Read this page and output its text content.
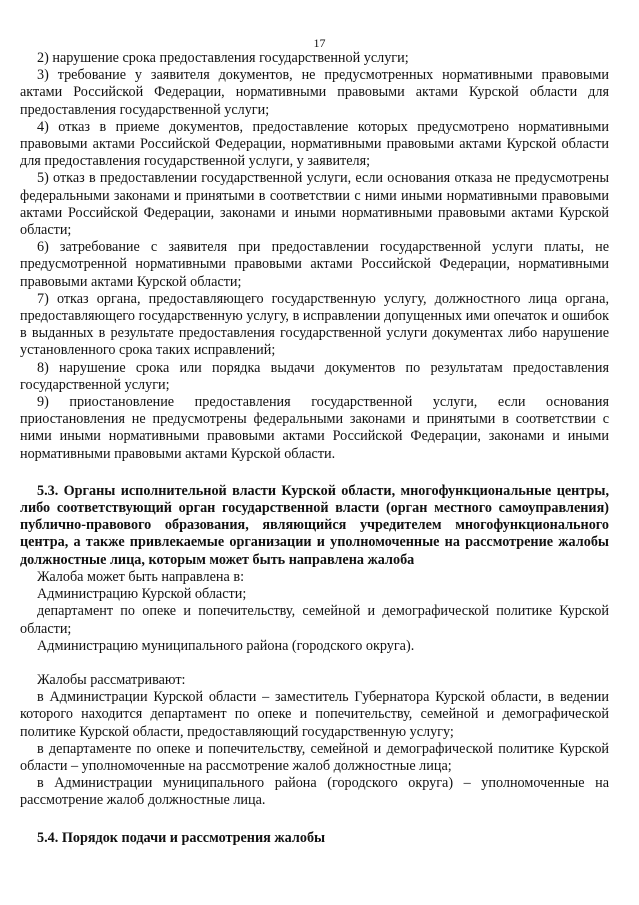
17

2) нарушение срока предоставления государственной услуги;

3) требование у заявителя документов, не предусмотренных нормативными правовыми актами Российской Федерации, нормативными правовыми актами Курской области для предоставления государственной услуги;

4) отказ в приеме документов, предоставление которых предусмотрено нормативными правовыми актами Российской Федерации, нормативными правовыми актами Курской области для предоставления государственной услуги, у заявителя;

5) отказ в предоставлении государственной услуги, если основания отказа не предусмотрены федеральными законами и принятыми в соответствии с ними иными нормативными правовыми актами Российской Федерации, законами и иными нормативными правовыми актами Курской области;

6) затребование с заявителя при предоставлении государственной услуги платы, не предусмотренной нормативными правовыми актами Российской Федерации, нормативными правовыми актами Курской области;

7) отказ органа, предоставляющего государственную услугу, должностного лица органа, предоставляющего государственную услугу, в исправлении допущенных ими опечаток и ошибок в выданных в результате предоставления государственной услуги документах либо нарушение установленного срока таких исправлений;

8) нарушение срока или порядка выдачи документов по результатам предоставления государственной услуги;

9) приостановление предоставления государственной услуги, если основания приостановления не предусмотрены федеральными законами и принятыми в соответствии с ними иными нормативными правовыми актами Российской Федерации, законами и иными нормативными правовыми актами Курской области.

5.3. Органы исполнительной власти Курской области, многофункциональные центры, либо соответствующий орган государственной власти (орган местного самоуправления) публично-правового образования, являющийся учредителем многофункционального центра, а также привлекаемые организации и уполномоченные на рассмотрение жалобы должностные лица, которым может быть направлена жалоба

Жалоба может быть направлена в:

Администрацию Курской области;

департамент по опеке и попечительству, семейной и демографической политике Курской области;

Администрацию муниципального района (городского округа).

Жалобы рассматривают:

в Администрации Курской области – заместитель Губернатора Курской области, в ведении которого находится департамент по опеке и попечительству, семейной и демографической политике Курской области, предоставляющий государственную услугу;

в департаменте по опеке и попечительству, семейной и демографической политике Курской области – уполномоченные на рассмотрение жалоб должностные лица;

в Администрации муниципального района (городского округа) – уполномоченные на рассмотрение жалоб должностные лица.

5.4. Порядок подачи и рассмотрения жалобы
